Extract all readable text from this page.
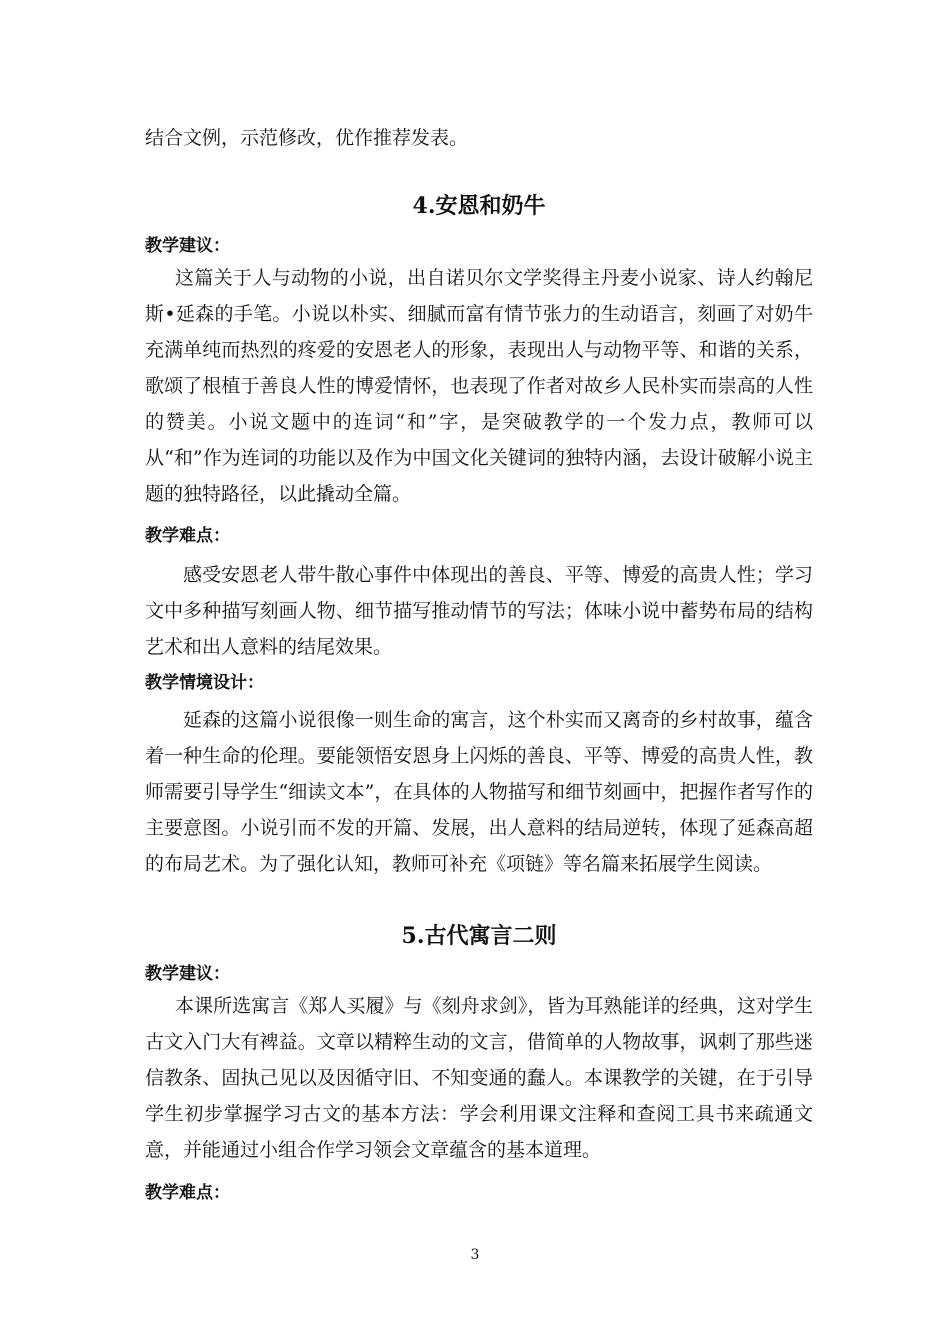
结合文例，示范修改，优作推荐发表。
4.安恩和奶牛
教学建议：
这篇关于人与动物的小说，出自诺贝尔文学奖得主丹麦小说家、诗人约翰尼斯•延森的手笔。小说以朴实、细腻而富有情节张力的生动语言，刻画了对奶牛充满单纯而热烈的疼爱的安恩老人的形象，表现出人与动物平等、和谐的关系，歌颂了根植于善良人性的博爱情怀，也表现了作者对故乡人民朴实而崇高的人性的赞美。小说文题中的连词“和”字，是突破教学的一个发力点，教师可以从“和”作为连词的功能以及作为中国文化关键词的独特内涵，去设计破解小说主题的独特路径，以此撬动全篇。
教学难点：
感受安恩老人带牛散心事件中体现出的善良、平等、博爱的高贵人性；学习文中多种描写刻画人物、细节描写推动情节的写法；体味小说中蓄势布局的结构艺术和出人意料的结尾效果。
教学情境设计：
延森的这篇小说很像一则生命的寓言，这个朴实而又离奇的乡村故事，蕴含着一种生命的伦理。要能领悟安恩身上闪烁的善良、平等、博爱的高贵人性，教师需要引导学生“细读文本”，在具体的人物描写和细节刻画中，把握作者写作的主要意图。小说引而不发的开篇、发展，出人意料的结局逆转，体现了延森高超的布局艺术。为了强化认知，教师可补充《项链》等名篇来拓展学生阅读。
5.古代寓言二则
教学建议：
本课所选寓言《郑人买履》与《刻舟求剑》，皆为耳熟能详的经典，这对学生古文入门大有裨益。文章以精粹生动的文言，借简单的人物故事，讽刺了那些迷信教条、固执己见以及因循守旧、不知变通的蠢人。本课教学的关键，在于引导学生初步掌握学习古文的基本方法：学会利用课文注释和查阅工具书来疏通文意，并能通过小组合作学习领会文章蕴含的基本道理。
教学难点：
3
